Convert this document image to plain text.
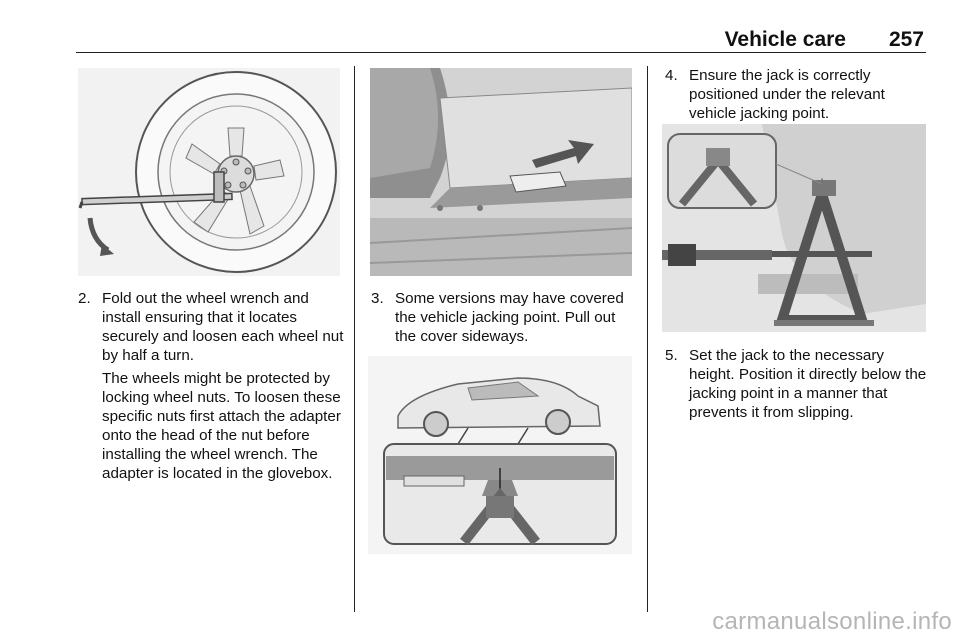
Vehicle care 257
2. Fold out the wheel wrench and install ensuring that it locates securely and loosen each wheel nut by half a turn.

The wheels might be protected by locking wheel nuts. To loosen these specific nuts first attach the adapter onto the head of the nut before installing the wheel wrench. The adapter is located in the glovebox.

3. Some versions may have covered the vehicle jacking point. Pull out the cover sideways.

4. Ensure the jack is correctly positioned under the relevant vehicle jacking point.

5. Set the jack to the necessary height. Position it directly below the jacking point in a manner that prevents it from slipping.

carmanualsonline.info
